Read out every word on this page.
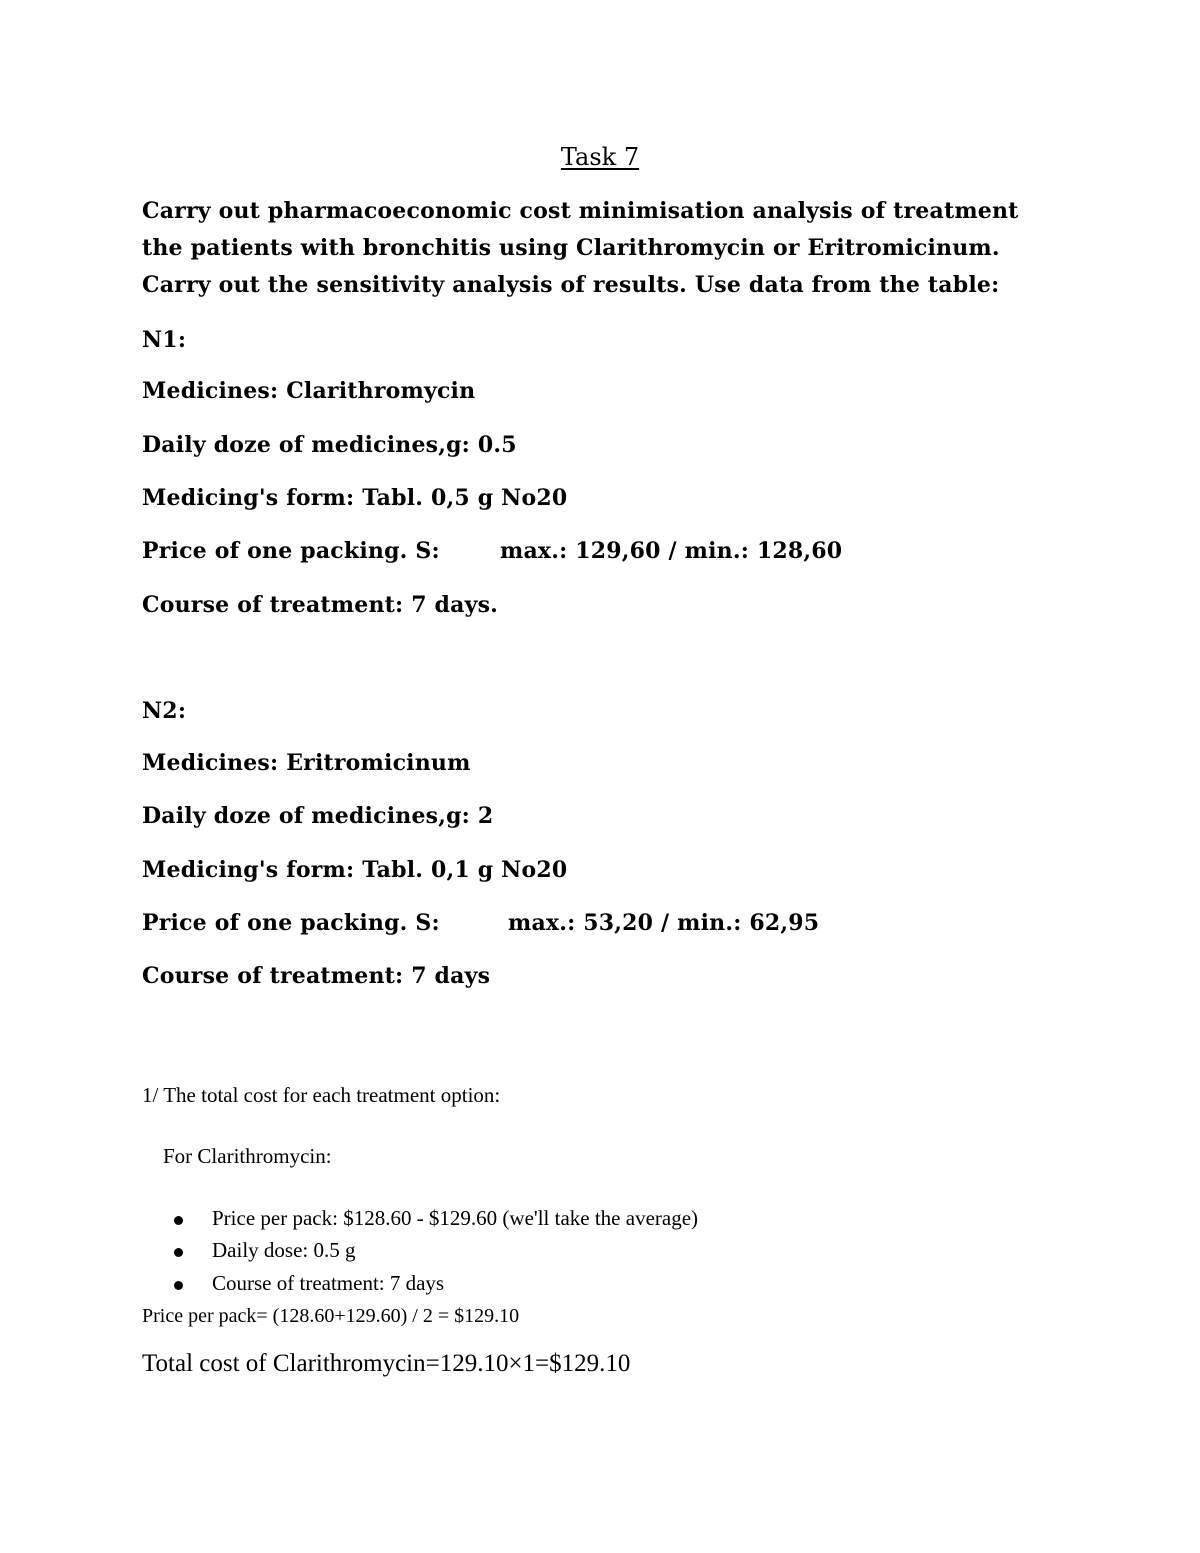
Task 7
Carry out pharmacoeconomic cost minimisation analysis of treatment
the patients with bronchitis using Clarithromycin or Eritromicinum.
Carry out the sensitivity analysis of results. Use data from the table:
N1:
Medicines: Clarithromycin
Daily doze of medicines,g: 0.5
Medicing's form: Tabl. 0,5 g No20
Price of one packing. S:	max.: 129,60 / min.: 128,60
Course of treatment: 7 days.
N2:
Medicines: Eritromicinum
Daily doze of medicines,g: 2
Medicing's form: Tabl. 0,1 g No20
Price of one packing. S:	max.: 53,20 / min.: 62,95
Course of treatment: 7 days
1/ The total cost for each treatment option:
For Clarithromycin:
Price per pack: $128.60 - $129.60 (we'll take the average)
Daily dose: 0.5 g
Course of treatment: 7 days
Price per pack= (128.60+129.60) / 2 = $129.10
Total cost of Clarithromycin=129.10×1=$129.10
